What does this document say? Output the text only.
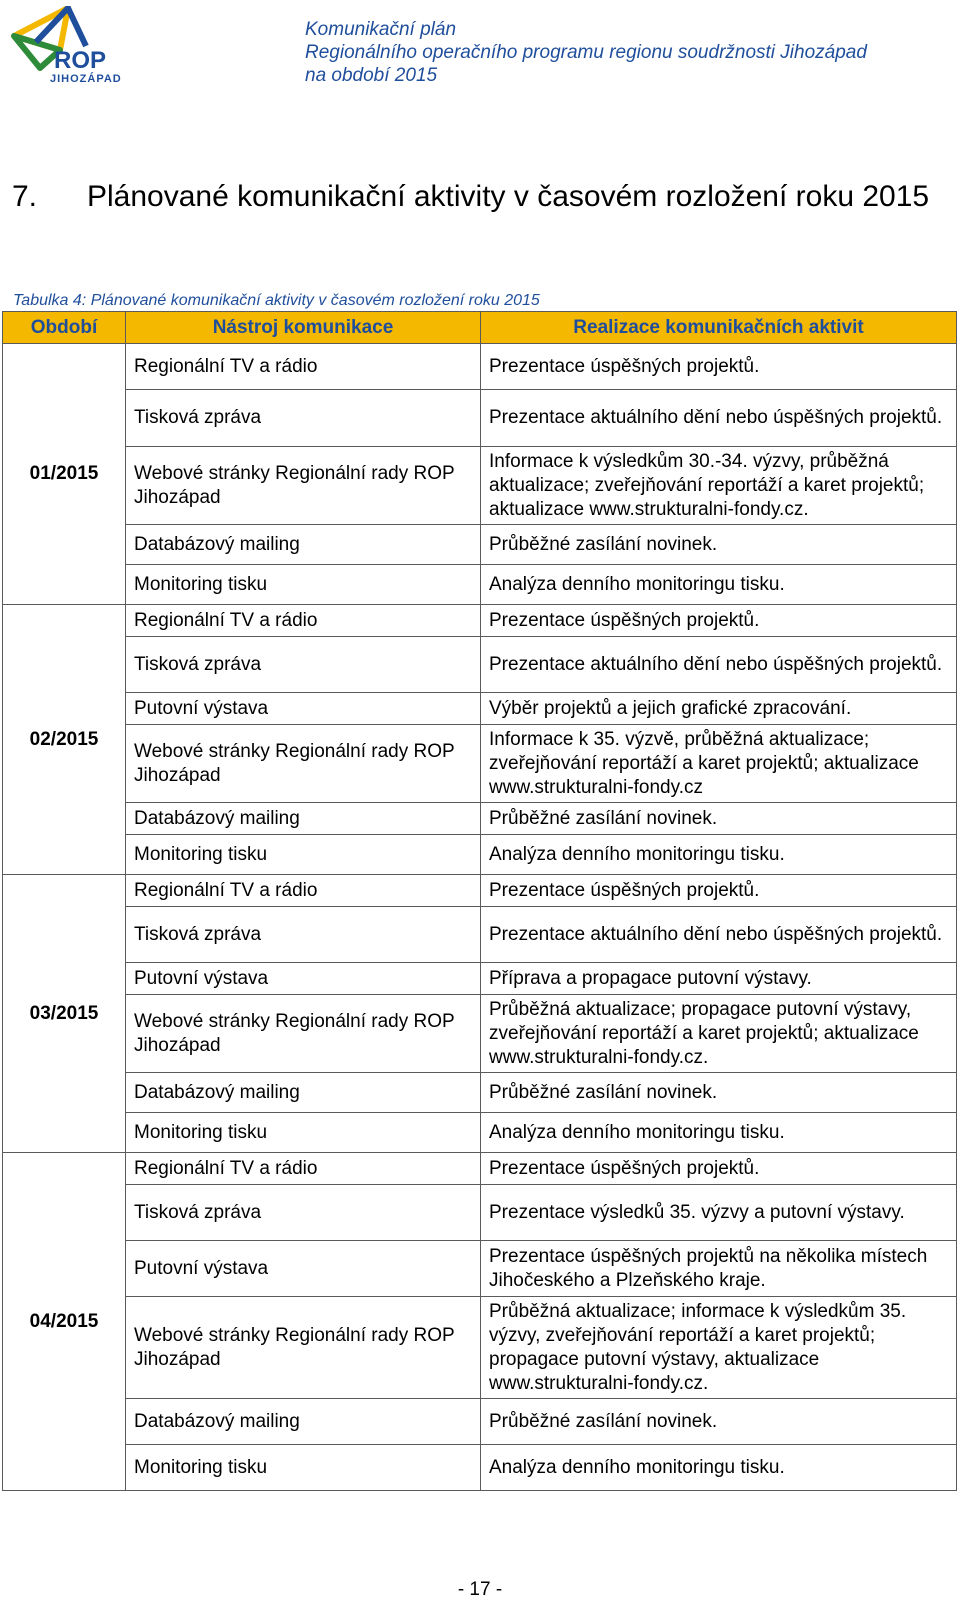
ROP
JIHOZÁPAD
Komunikační plán
Regionálního operačního programu regionu soudržnosti Jihozápad
na období 2015
7. Plánované komunikační aktivity v časovém rozložení roku 2015
Tabulka 4: Plánované komunikační aktivity v časovém rozložení roku 2015
Období	Nástroj komunikace	Realizace komunikačních aktivit
01/2015	Regionální TV a rádio	Prezentace úspěšných projektů.
	Tisková zpráva	Prezentace aktuálního dění nebo úspěšných projektů.
	Webové stránky Regionální rady ROP Jihozápad	Informace k výsledkům 30.-34. výzvy, průběžná aktualizace; zveřejňování reportáží a karet projektů; aktualizace www.strukturalni-fondy.cz.
	Databázový mailing	Průběžné zasílání novinek.
	Monitoring tisku	Analýza denního monitoringu tisku.
02/2015	Regionální TV a rádio	Prezentace úspěšných projektů.
	Tisková zpráva	Prezentace aktuálního dění nebo úspěšných projektů.
	Putovní výstava	Výběr projektů a jejich grafické zpracování.
	Webové stránky Regionální rady ROP Jihozápad	Informace k 35. výzvě, průběžná aktualizace; zveřejňování reportáží a karet projektů; aktualizace www.strukturalni-fondy.cz
	Databázový mailing	Průběžné zasílání novinek.
	Monitoring tisku	Analýza denního monitoringu tisku.
03/2015	Regionální TV a rádio	Prezentace úspěšných projektů.
	Tisková zpráva	Prezentace aktuálního dění nebo úspěšných projektů.
	Putovní výstava	Příprava a propagace putovní výstavy.
	Webové stránky Regionální rady ROP Jihozápad	Průběžná aktualizace; propagace putovní výstavy, zveřejňování reportáží a karet projektů; aktualizace www.strukturalni-fondy.cz.
	Databázový mailing	Průběžné zasílání novinek.
	Monitoring tisku	Analýza denního monitoringu tisku.
04/2015	Regionální TV a rádio	Prezentace úspěšných projektů.
	Tisková zpráva	Prezentace výsledků 35. výzvy a putovní výstavy.
	Putovní výstava	Prezentace úspěšných projektů na několika místech Jihočeského a Plzeňského kraje.
	Webové stránky Regionální rady ROP Jihozápad	Průběžná aktualizace; informace k výsledkům 35. výzvy, zveřejňování reportáží a karet projektů; propagace putovní výstavy, aktualizace www.strukturalni-fondy.cz.
	Databázový mailing	Průběžné zasílání novinek.
	Monitoring tisku	Analýza denního monitoringu tisku.
- 17 -
